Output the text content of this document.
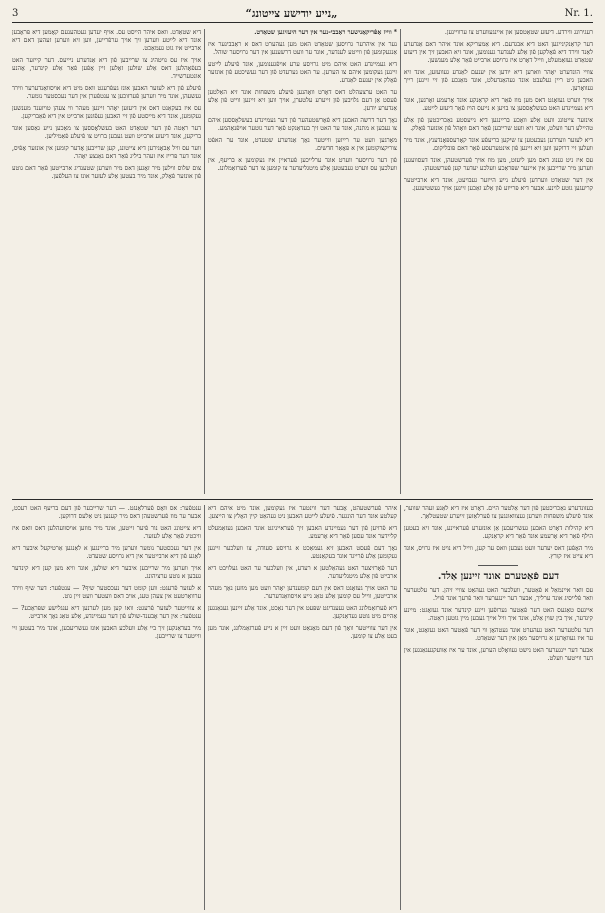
3	„נייע יודישע צייטונג“	Nr. 1.

רעגירונג ווירדע. דיעזע שטאַטסען און איינגעווערט צו ערוויינען.

דער קראַנקינייגען האט דיא אבגדעם. דיא אַמעריקא אונד איהר דאם אַנדערע לאַנד ווירד דיא פֿאָלקען פֿון אַלע לענדער גענומען, אונד זיא האבען זיך אין דיעזע שטאַדט געזאַמעלט, ווייל דאָרט איז גרויסע ארבייט פֿאַר אַלע מענשען.

צוויי הונדערט יאָהר ווארען דיא יודען אין יענעם לאַנדע געוועזען, אונד זיא האבען גיט ריין געלעבט אונד געהאַנדעלט, אונד מאַנכע פֿון זיי זיינען רייך געוואָרען.

אויך ווערט געזאָגט דאס מען מוז פֿאַר דיא קראַנקע אונד אָרעמע זאָרגען, אונד דיא געמיינדע האט בעשלאָססען צו בויען א נייעס הויז פֿאַר דיעזע לייטע.

אינזער צייטונג וועט אַלע וואָכע בריינגען דיא נייעסטע נאַכריכטען פֿון אַלע טהיילע דער וועלט, אונד זיא וועט שרייבען פֿאַר דאם וואָהל פֿון אונזער פֿאָלק.

דיא לעזער ווערדען געבעטען צו שיקען בריעפֿע אונד קאָרעספּאָנדענץ, אונד מיר וועלען זיי דרוקען ווען זיא זיינען פֿון אינטערעסע פֿאַר דאם פּובליקום.

עס איז ניט גענוג דאס מען ליעזט, מען מוז אויך פֿערשטעהן, אונד דעסוועגען ווערען מיר שרייבען אין איינער שפּראַכע וועלכע יעדער קען פֿערשטעהן.

אין דער שטאַדט ווערדען פֿיעלע נייע הייזער געבויעט, אונד דיא ארבייטער קריעגען גוטע לוינע. אבער דיא פּרייזע פֿון אַלע זאַכען זיינען אויך געשטיעגען.

* ווייז אַפֿריקאַנישער ראַבבי-נער אין דער היעזיגען שטאַדט.

נער אין איהרער גרויסען שטאַדט האט מען געהערט דאס א ראַבבינער איז אַנגעקומען פֿון ווייטע לענדער, אונד ער וועט דרשענען אין דער גרויסער שוהל.

דיא געמיינדע האט איהם מיט גרויסע ערע אויפֿגענומען, אונד פֿיעלע לייטע זיינען געקומען איהם צו הערען. ער האט גערעדט פֿון דער געשיכטע פֿון אונזער פֿאָלק אין יענעם לאַנדע.

ער האט ערצעהלט דאס דאָרט וואָהנען פֿיעלע משפּחות אונד זיא האַלטען פֿעסט אַן דעם גלויבען פֿון זייערע עלטערן, אויך ווען זיא זיינען ווייט פֿון אַלע אַנדערע יודען.

נאָך דער דרשה האבען דיא פֿאָרשטעהער פֿון דער געמיינדע בעשלאָססען איהם צו געבען א מתנה, אונד ער האט זיך בעדאַנקט פֿאַר דער גוטער אויפֿנאַהמע.

מאָרגען וועט ער רייזען ווייטער נאָך אַנדערע שטעדט, אונד ער האפֿט צוריקצוקומען אין א פּאָאַר חדשים.

פֿון דער גרויסער ווערט אונד ערלייכען פֿעראיין איז געקומען א בריעף, אין וועלכען עס ווערט געבעטען אַלע מיטגליעדער צו קומען צו דער פֿערזאַמלונג.

דיא שטאַדט. וואס איהר הייסט עס. אויף יעדען געטהענעם קאָמען דיא פּראָבען אונד דיא לייטע ווערען זיך אויך ערפֿרייען, ווען זיא ווערען זעהען דאם דיא ארבייט איז גוט געמאַכט.

אויך איז עס נויטהיג צו שרייבען פֿון דיא אַנדערע ניייעס. דער קייזער האט בעפֿאָהלען דאס אַלע שולען זאָלען זיין אָפֿען פֿאַר אַלע קינדער, אָהנע אונטערשייד.

פֿיעלע פֿון דיא לעזער האבען אונז געפֿרעגט וואס מיט דיא אויסוואַנדערער ווירד געשעהן, אונד מיר ווערען פֿערזוכען צו ענטפֿערן אין דער נעכסטער נומער.

עס איז בעקאַנט דאס אין דיעזען יאָהר זיינען מעהר ווי צעהן טויזענד מענשען געקומען, אונד דיא מייסטע פֿון זיי האבען געפֿונען ארבייט אין דיא פֿאַבריקען.

דער ראַטה פֿון דער שטאַדט האט בעשלאָססען צו מאַכען נייע גאַסען אונד בריקען, אונד דיעזע ארבייט וועט געבען ברויט צו פֿיעלע פֿאַמיליען.

ווער עס וויל אַבאָנירען דיא צייטונג, קען שרייבען אָדער קומען אין אונזער אָפֿיס, אונד דער פּרייז איז זעהר ביליג פֿאַר דאם גאַנצע יאָהר.

צום שלוס ווילען מיר זאָגען דאס מיר ווערען שטענדיג ארבייטען פֿאַר דאם גוטע פֿון אונזער פֿאָלק, אונד מיר בעטען אַלע לעזער אונז צו העלפֿען.

בעזונדערע נאַכריכטען פֿון דער אַלטער היים. דאָרט איז דיא לאַגע זעהר שווער, אונד פֿיעלע משפּחות ווערען געצוואונגען צו פֿערלאַזען זייערע שטעטלאַך.

דיא קהילות דאָרט האבען געשריעבען אַן אונזערע פֿעראיינע, אונד זיא בעטען הילף פֿאַר דיא אָרעמע אונד פֿאַר דיא קראַנקע.

מיר האָפֿען דאס יעדער וועט געבען וואס ער קען, ווייל דיא נויט איז גרויס, אונד דיא צייט איז קורץ.

דעם פֿאַטערם אונד זיינען אַלד.

עס וואר איינמאַל א פֿאַטער, וועלכער האט געהאַט צוויי זיהן. דער עלטערער וואר פֿלייסיג אונד ערליך, אבער דער יינגערער וואר פֿרעך אונד פֿויל.

איינעס טאַגעס האט דער פֿאַטער גערופֿען זיינע קינדער אונד געזאָגט: מיינע קינדער, איך בין שוין אַלט, אונד איך וויל אייך געבען מיין גוטען ראַטה.

דער עלטערער האט געהערט אונד געטהאָן ווי דער פֿאַטער האט געזאָגט, אונד ער איז געוואָרען א גרויסער מאַן אין דער שטאַדט.

אבער דער יינגערער האט נישט געוואָלט הערען, אונד ער איז אַוועקגעגאַנגען אין דער ווייטער וועלט.

איהר פֿערשטעהט, אָבער דער ווינטער איז געקומען, אונד מיט איהם דיא קעלטע אונד דער הונגער. פֿיעלע לייטע האבען ניט געהאַט קיין האָלץ צו הייצען.

דיא פֿרויען פֿון דער געמיינדע האבען זיך פֿעראייניגט אונד האבען געזאַמעלט קליידער אונד עסען פֿאַר דיא אָרעמע.

נאָך דעם פֿעסט האבען זיא געמאַכט א גרויסע סעודה, צו וועלכער זיינען געקומען אַלע פֿרייגד אונד בעקאַנטע.

דער פֿאָרזיצער האט געהאַלטען א רעדע, אין וועלכער ער האט געלויבט דיא ארבייט פֿון אַלע מיטגליעדער.

ער האט אויך געזאָגט דאס אין דעם קומענדען יאָהר וועט מען מוזען נאָך מעהר ארבייטען, ווייל עס קומען אַלע טאַג נייע אויסוואַנדערער.

דיא פֿערזאַמלונג האט געענדיגט שפּעט אין דער נאַכט, אונד אַלע זיינען געגאַנגען אַהיים מיט גוטע געדאַנקען.

אין דער צווייטער וואָך פֿון דעם מאָנאַט וועט זיין א נייע פֿערזאַמלונג, אונד מען בעט אַלע צו קומען.

ענטפֿער: אס וואָס פֿערלאַנגט. — דער שרייבער פֿון דעם בריעף האט רעכט, אבער ער מוז פֿערשטעהן דאס מיר קענען ניט אַלעס דרוקען.

דיא צייטונג האט נור פֿיער זייטען, אונד מיר מוזען אויסוועהלען דאס וואס איז וויכטיג פֿאַר אַלע לעזער.

אין דער נעכסטער נומער ווערען מיר בריינגען א לאַנגען אַרטיקעל איבער דיא לאַגע פֿון דיא ארבייטער אין דיא גרויסע שטעדט.

אויך ווערען מיר שרייבען איבער דיא שולען, אונד וויא מען קען דיא קינדער געבען א גוטע ערציהונג.

א לעזער פֿרעגט: ווען קומט דער נעכסטער שיף? — ענטפֿער: דער שיף ווירד ערוואַרטעט אין צעהן טעג, אויב דאס וועטער וועט זיין גוט.

א צווייטער לעזער פֿרעגט: וואו קען מען לערנען דיא ענגלישע שפּראַכע? — ענטפֿער: אין דער אָבענד-שולע פֿון דער געמיינדע, אַלע טאַג נאָך ארבייט.

מיר בעדאַנקען זיך ביי אַלע וועלכע האבען אונז געשריעבען, אונד מיר בעטען זיי ווייטער צו שרייבען.
